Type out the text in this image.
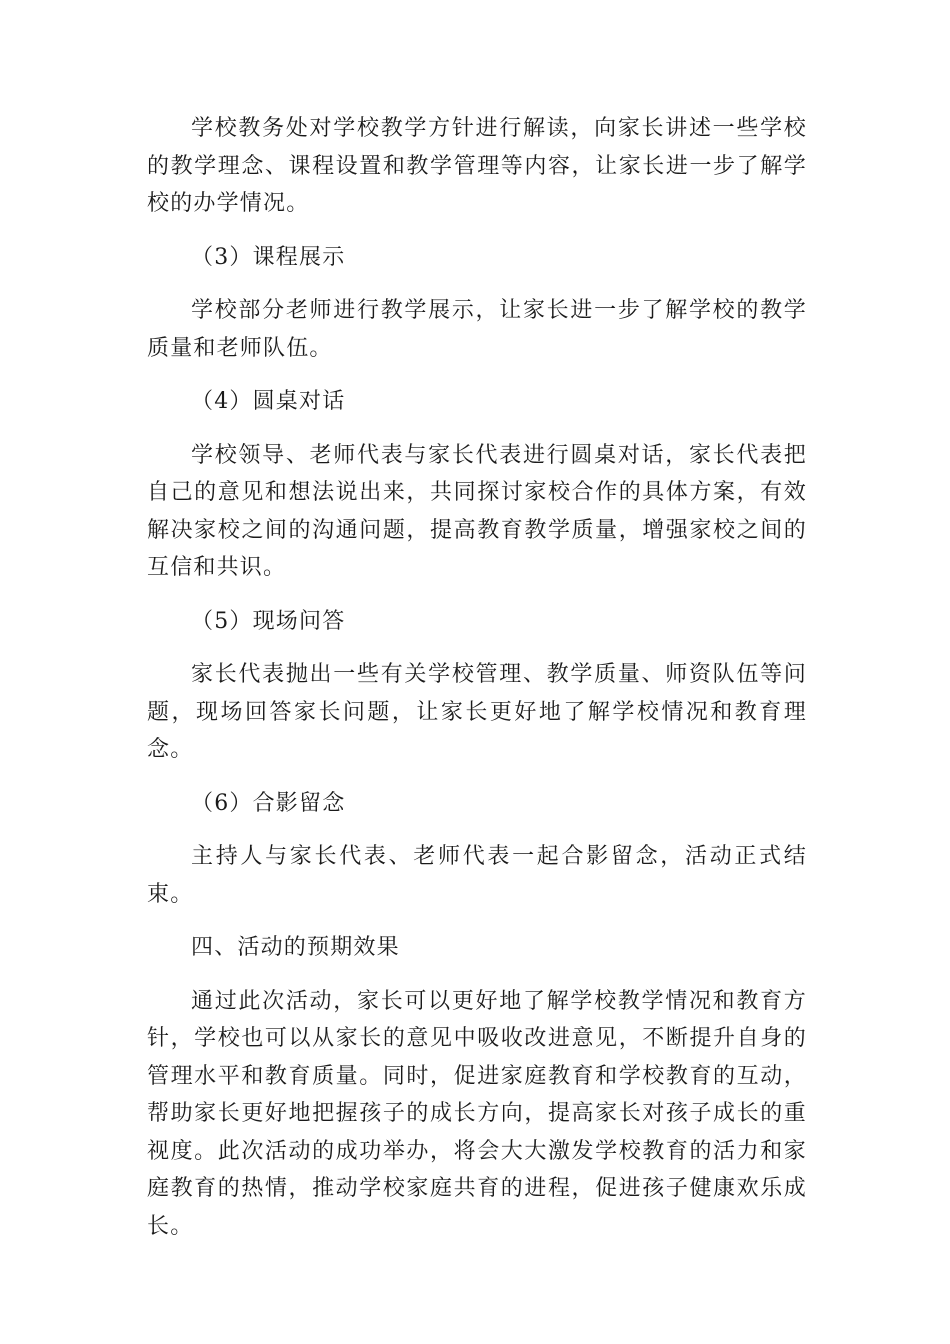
学校教务处对学校教学方针进行解读，向家长讲述一些学校的教学理念、课程设置和教学管理等内容，让家长进一步了解学校的办学情况。

（3）课程展示

学校部分老师进行教学展示，让家长进一步了解学校的教学质量和老师队伍。

（4）圆桌对话

学校领导、老师代表与家长代表进行圆桌对话，家长代表把自己的意见和想法说出来，共同探讨家校合作的具体方案，有效解决家校之间的沟通问题，提高教育教学质量，增强家校之间的互信和共识。

（5）现场问答

家长代表抛出一些有关学校管理、教学质量、师资队伍等问题，现场回答家长问题，让家长更好地了解学校情况和教育理念。

（6）合影留念

主持人与家长代表、老师代表一起合影留念，活动正式结束。

四、活动的预期效果

通过此次活动，家长可以更好地了解学校教学情况和教育方针，学校也可以从家长的意见中吸收改进意见，不断提升自身的管理水平和教育质量。同时，促进家庭教育和学校教育的互动，帮助家长更好地把握孩子的成长方向，提高家长对孩子成长的重视度。此次活动的成功举办，将会大大激发学校教育的活力和家庭教育的热情，推动学校家庭共育的进程，促进孩子健康欢乐成长。
